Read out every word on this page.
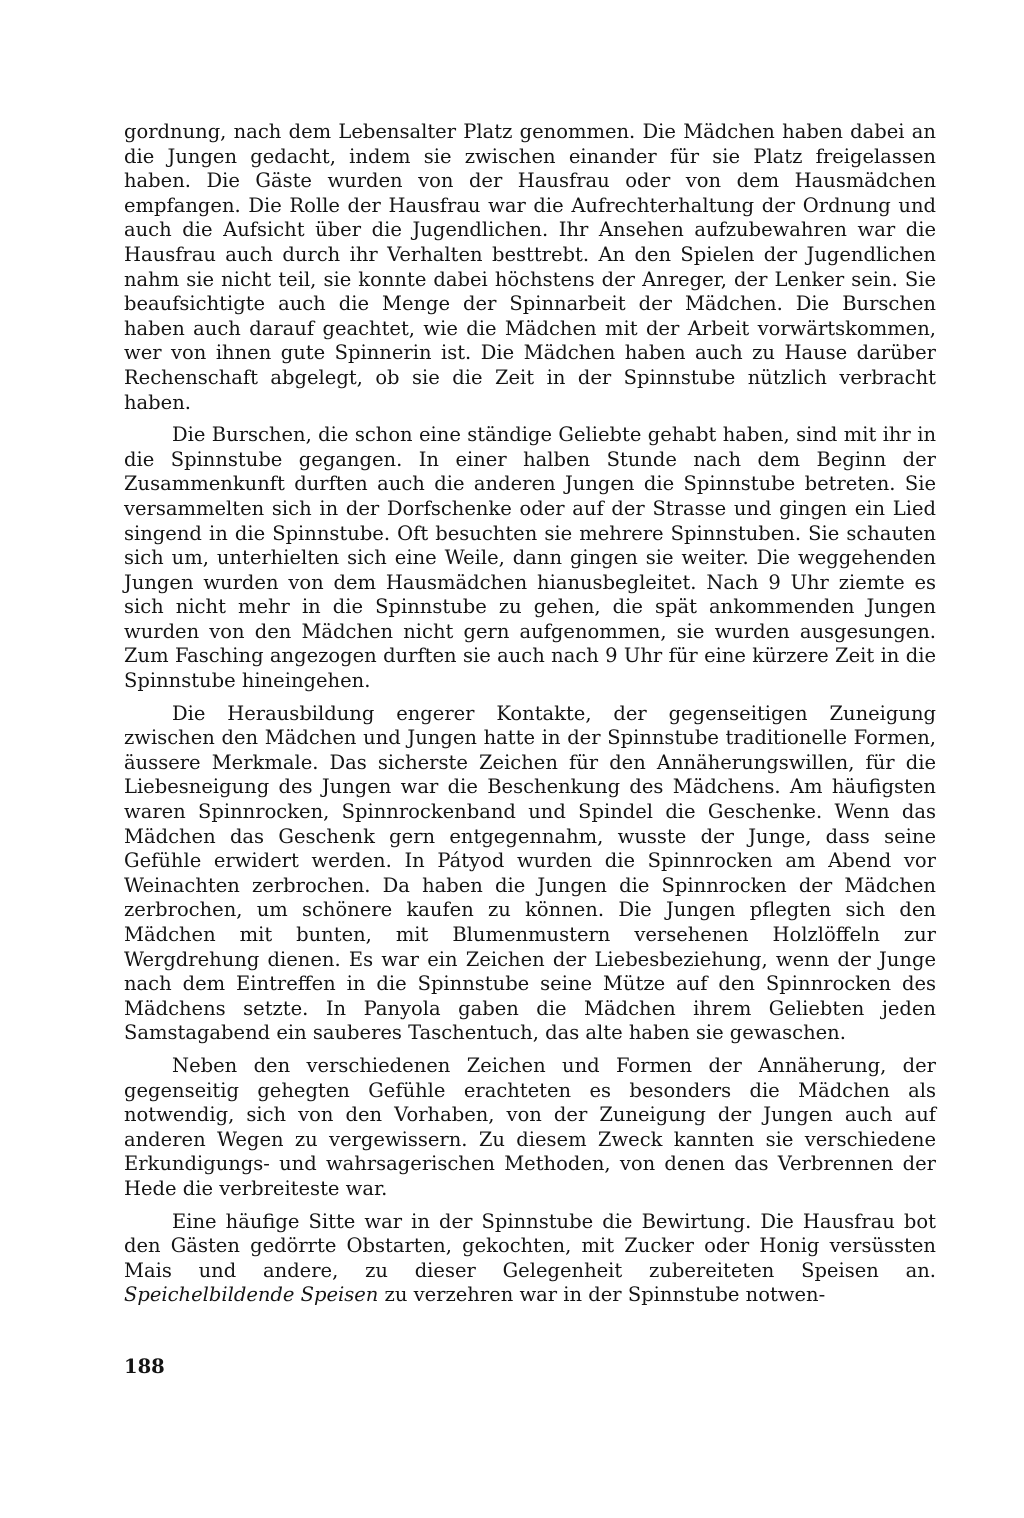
gordnung, nach dem Lebensalter Platz genommen. Die Mädchen haben dabei an die Jungen gedacht, indem sie zwischen einander für sie Platz freigelassen haben. Die Gäste wurden von der Hausfrau oder von dem Hausmädchen empfangen. Die Rolle der Hausfrau war die Aufrechterhaltung der Ordnung und auch die Aufsicht über die Jugendlichen. Ihr Ansehen aufzubewahren war die Hausfrau auch durch ihr Verhalten besttrebt. An den Spielen der Jugendlichen nahm sie nicht teil, sie konnte dabei höchstens der Anreger, der Lenker sein. Sie beaufsichtigte auch die Menge der Spinnarbeit der Mädchen. Die Burschen haben auch darauf geachtet, wie die Mädchen mit der Arbeit vorwärtskommen, wer von ihnen gute Spinnerin ist. Die Mädchen haben auch zu Hause darüber Rechenschaft abgelegt, ob sie die Zeit in der Spinnstube nützlich verbracht haben.

Die Burschen, die schon eine ständige Geliebte gehabt haben, sind mit ihr in die Spinnstube gegangen. In einer halben Stunde nach dem Beginn der Zusammenkunft durften auch die anderen Jungen die Spinnstube betreten. Sie versammelten sich in der Dorfschenke oder auf der Strasse und gingen ein Lied singend in die Spinnstube. Oft besuchten sie mehrere Spinnstuben. Sie schauten sich um, unterhielten sich eine Weile, dann gingen sie weiter. Die weggehenden Jungen wurden von dem Hausmädchen hianusbegleitet. Nach 9 Uhr ziemte es sich nicht mehr in die Spinnstube zu gehen, die spät ankommenden Jungen wurden von den Mädchen nicht gern aufgenommen, sie wurden ausgesungen. Zum Fasching angezogen durften sie auch nach 9 Uhr für eine kürzere Zeit in die Spinnstube hineingehen.

Die Herausbildung engerer Kontakte, der gegenseitigen Zuneigung zwischen den Mädchen und Jungen hatte in der Spinnstube traditionelle Formen, äussere Merkmale. Das sicherste Zeichen für den Annäherungswillen, für die Liebesneigung des Jungen war die Beschenkung des Mädchens. Am häufigsten waren Spinnrocken, Spinnrockenband und Spindel die Geschenke. Wenn das Mädchen das Geschenk gern entgegennahm, wusste der Junge, dass seine Gefühle erwidert werden. In Pátyod wurden die Spinnrocken am Abend vor Weinachten zerbrochen. Da haben die Jungen die Spinnrocken der Mädchen zerbrochen, um schönere kaufen zu können. Die Jungen pflegten sich den Mädchen mit bunten, mit Blumenmustern versehenen Holzlöffeln zur Wergdrehung dienen. Es war ein Zeichen der Liebesbeziehung, wenn der Junge nach dem Eintreffen in die Spinnstube seine Mütze auf den Spinnrocken des Mädchens setzte. In Panyola gaben die Mädchen ihrem Geliebten jeden Samstagabend ein sauberes Taschentuch, das alte haben sie gewaschen.

Neben den verschiedenen Zeichen und Formen der Annäherung, der gegenseitig gehegten Gefühle erachteten es besonders die Mädchen als notwendig, sich von den Vorhaben, von der Zuneigung der Jungen auch auf anderen Wegen zu vergewissern. Zu diesem Zweck kannten sie verschiedene Erkundigungs- und wahrsagerischen Methoden, von denen das Verbrennen der Hede die verbreiteste war.

Eine häufige Sitte war in der Spinnstube die Bewirtung. Die Hausfrau bot den Gästen gedörrte Obstarten, gekochten, mit Zucker oder Honig versüssten Mais und andere, zu dieser Gelegenheit zubereiteten Speisen an. Speichelbildende Speisen zu verzehren war in der Spinnstube notwen-

188
